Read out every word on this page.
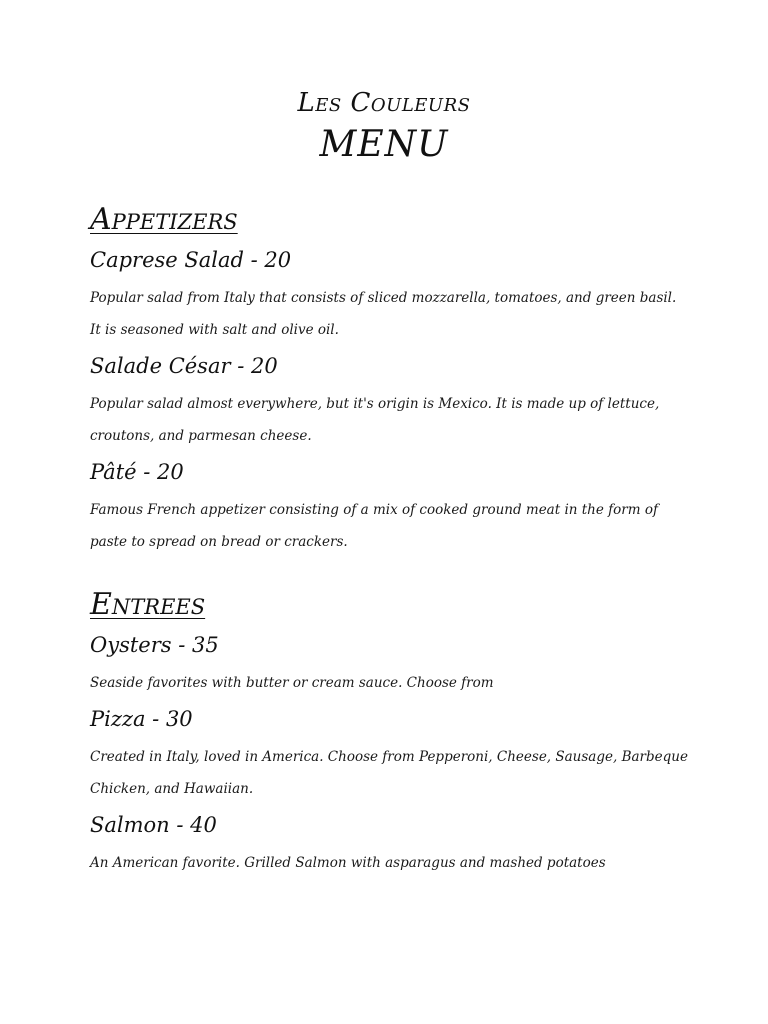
Les Couleurs
MENU
Appetizers

Caprese Salad - 20

Popular salad from Italy that consists of sliced mozzarella, tomatoes, and green basil. It is seasoned with salt and olive oil.

Salade César - 20

Popular salad almost everywhere, but it's origin is Mexico. It is made up of lettuce, croutons, and parmesan cheese.

Pâté - 20

Famous French appetizer consisting of a mix of cooked ground meat in the form of paste to spread on bread or crackers.

Entrees

Oysters - 35

Seaside favorites with butter or cream sauce. Choose from

Pizza - 30

Created in Italy, loved in America. Choose from Pepperoni, Cheese, Sausage, Barbeque Chicken, and Hawaiian.

Salmon - 40

An American favorite. Grilled Salmon with asparagus and mashed potatoes
